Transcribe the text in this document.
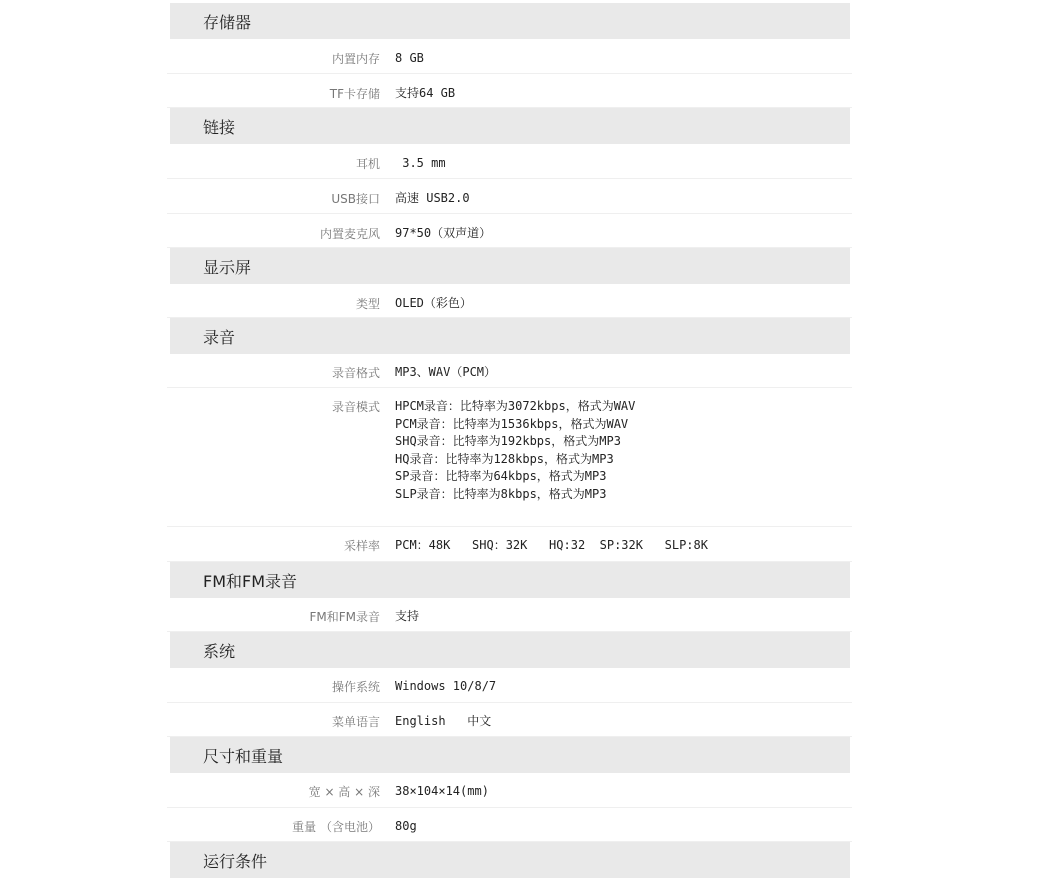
存储器
内置内存 8 GB
TF卡存储 支持64 GB
链接
耳机 3.5 mm
USB接口 高速 USB2.0
内置麦克风 97*50（双声道）
显示屏
类型 OLED（彩色）
录音
录音格式 MP3、WAV（PCM）
录音模式 HPCM录音：比特率为3072kbps，格式为WAV
PCM录音：比特率为1536kbps，格式为WAV
SHQ录音：比特率为192kbps，格式为MP3
HQ录音：比特率为128kbps，格式为MP3
SP录音：比特率为64kbps，格式为MP3
SLP录音：比特率为8kbps，格式为MP3
采样率 PCM：48K   SHQ：32K   HQ:32  SP:32K   SLP:8K
FM和FM录音
FM和FM录音 支持
系统
操作系统 Windows 10/8/7
菜单语言 English   中文
尺寸和重量
宽 × 高 × 深 38×104×14(mm)
重量 （含电池） 80g
运行条件
